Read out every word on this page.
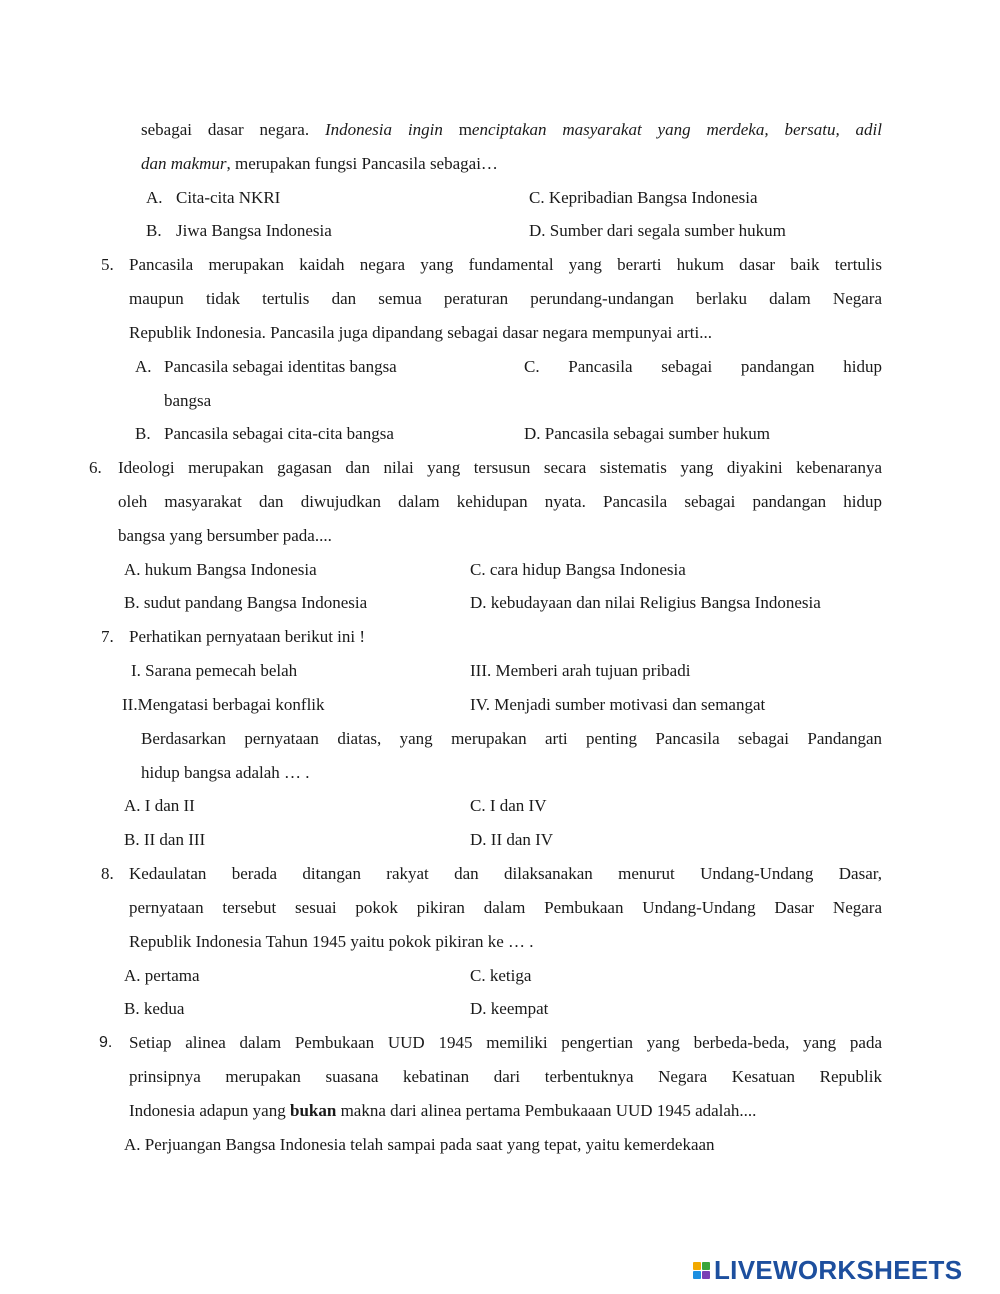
sebagai dasar negara. Indonesia ingin menciptakan masyarakat yang merdeka, bersatu, adil
dan makmur, merupakan fungsi Pancasila sebagai…
A. Cita-cita NKRI	C. Kepribadian Bangsa Indonesia
B. Jiwa Bangsa Indonesia	D. Sumber dari segala sumber hukum
5. Pancasila merupakan kaidah negara yang fundamental yang berarti hukum dasar baik tertulis
maupun tidak tertulis dan semua peraturan perundang-undangan berlaku dalam Negara
Republik Indonesia. Pancasila juga dipandang sebagai dasar negara mempunyai arti...
A. Pancasila sebagai identitas bangsa	C. Pancasila sebagai pandangan hidup
bangsa
B. Pancasila sebagai cita-cita bangsa	D. Pancasila sebagai sumber hukum
6. Ideologi merupakan gagasan dan nilai yang tersusun secara sistematis yang diyakini kebenaranya
oleh masyarakat dan diwujudkan dalam kehidupan nyata. Pancasila sebagai pandangan hidup
bangsa yang bersumber pada....
A. hukum Bangsa Indonesia	C. cara hidup Bangsa Indonesia
B. sudut pandang Bangsa Indonesia	D. kebudayaan dan nilai Religius Bangsa Indonesia
7. Perhatikan pernyataan berikut ini !
I. Sarana pemecah belah	III. Memberi arah tujuan pribadi
II.Mengatasi berbagai konflik	IV. Menjadi sumber motivasi dan semangat
Berdasarkan pernyataan diatas, yang merupakan arti penting Pancasila sebagai Pandangan
hidup bangsa adalah … .
A. I dan II	C. I dan IV
B. II dan III	D. II dan IV
8. Kedaulatan berada ditangan rakyat dan dilaksanakan menurut Undang-Undang Dasar,
pernyataan tersebut sesuai pokok pikiran dalam Pembukaan Undang-Undang Dasar Negara
Republik Indonesia Tahun 1945 yaitu pokok pikiran ke … .
A. pertama	C. ketiga
B. kedua	D. keempat
9. Setiap alinea dalam Pembukaan UUD 1945 memiliki pengertian yang berbeda-beda, yang pada
prinsipnya merupakan suasana kebatinan dari terbentuknya Negara Kesatuan Republik
Indonesia adapun yang bukan makna dari alinea pertama Pembukaaan UUD 1945 adalah....
A. Perjuangan Bangsa Indonesia telah sampai pada saat yang tepat, yaitu kemerdekaan
LIVEWORKSHEETS
